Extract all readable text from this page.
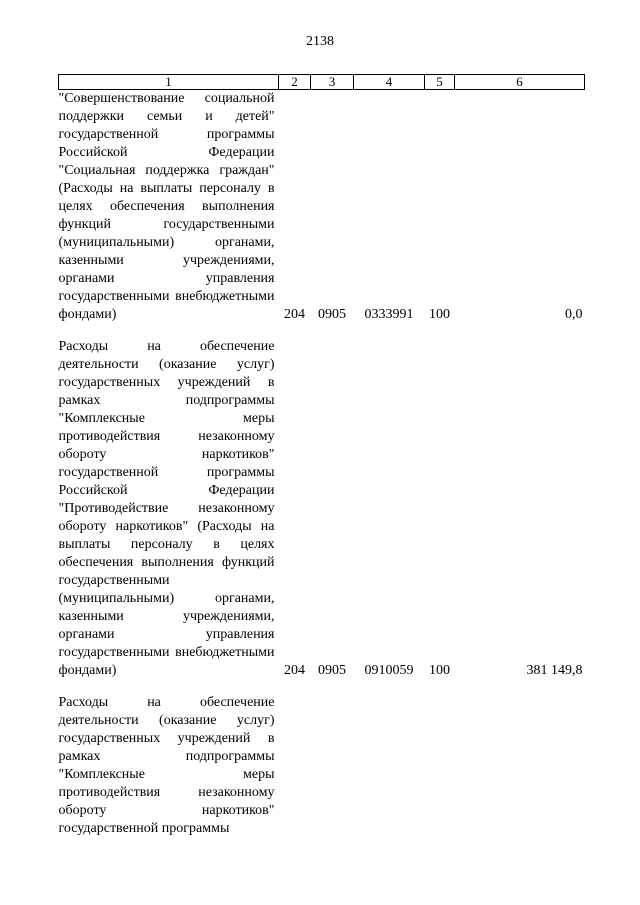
2138
1	2	3	4	5	6
"Совершенствование социальной поддержки семьи и детей" государственной программы Российской Федерации "Социальная поддержка граждан" (Расходы на выплаты персоналу в целях обеспечения выполнения функций государственными (муниципальными) органами, казенными учреждениями, органами управления государственными внебюджетными фондами)	204	0905	0333991	100	0,0

Расходы на обеспечение деятельности (оказание услуг) государственных учреждений в рамках подпрограммы "Комплексные меры противодействия незаконному обороту наркотиков" государственной программы Российской Федерации "Противодействие незаконному обороту наркотиков" (Расходы на выплаты персоналу в целях обеспечения выполнения функций государственными (муниципальными) органами, казенными учреждениями, органами управления государственными внебюджетными фондами)	204	0905	0910059	100	381 149,8

Расходы на обеспечение деятельности (оказание услуг) государственных учреждений в рамках подпрограммы "Комплексные меры противодействия незаконному обороту наркотиков" государственной программы					
